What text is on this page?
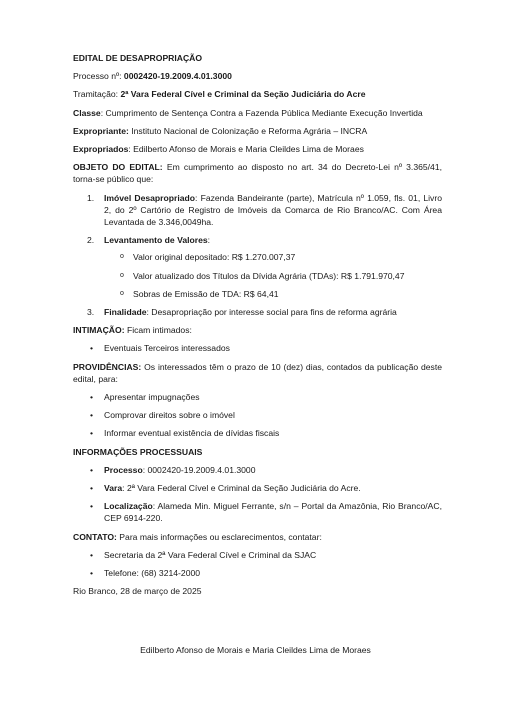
EDITAL DE DESAPROPRIAÇÃO

Processo nº: 0002420-19.2009.4.01.3000

Tramitação: 2ª Vara Federal Cível e Criminal da Seção Judiciária do Acre

Classe: Cumprimento de Sentença Contra a Fazenda Pública Mediante Execução Invertida

Expropriante: Instituto Nacional de Colonização e Reforma Agrária – INCRA

Expropriados: Edilberto Afonso de Morais e Maria Cleildes Lima de Moraes

OBJETO DO EDITAL: Em cumprimento ao disposto no art. 34 do Decreto-Lei nº 3.365/41, torna-se público que:

1. Imóvel Desapropriado: Fazenda Bandeirante (parte), Matrícula nº 1.059, fls. 01, Livro 2, do 2º Cartório de Registro de Imóveis da Comarca de Rio Branco/AC. Com Área Levantada de 3.346,0049ha.
2. Levantamento de Valores:
o Valor original depositado: R$ 1.270.007,37
o Valor atualizado dos Títulos da Dívida Agrária (TDAs): R$ 1.791.970,47
o Sobras de Emissão de TDA: R$ 64,41
3. Finalidade: Desapropriação por interesse social para fins de reforma agrária

INTIMAÇÃO: Ficam intimados:

• Eventuais Terceiros interessados

PROVIDÊNCIAS: Os interessados têm o prazo de 10 (dez) dias, contados da publicação deste edital, para:

• Apresentar impugnações
• Comprovar direitos sobre o imóvel
• Informar eventual existência de dívidas fiscais

INFORMAÇÕES PROCESSUAIS

• Processo: 0002420-19.2009.4.01.3000
• Vara: 2ª Vara Federal Cível e Criminal da Seção Judiciária do Acre.
• Localização: Alameda Min. Miguel Ferrante, s/n – Portal da Amazônia, Rio Branco/AC, CEP 6914-220.

CONTATO: Para mais informações ou esclarecimentos, contatar:

• Secretaria da 2ª Vara Federal Cível e Criminal da SJAC
• Telefone: (68) 3214-2000

Rio Branco, 28 de março de 2025

Edilberto Afonso de Morais e Maria Cleildes Lima de Moraes
